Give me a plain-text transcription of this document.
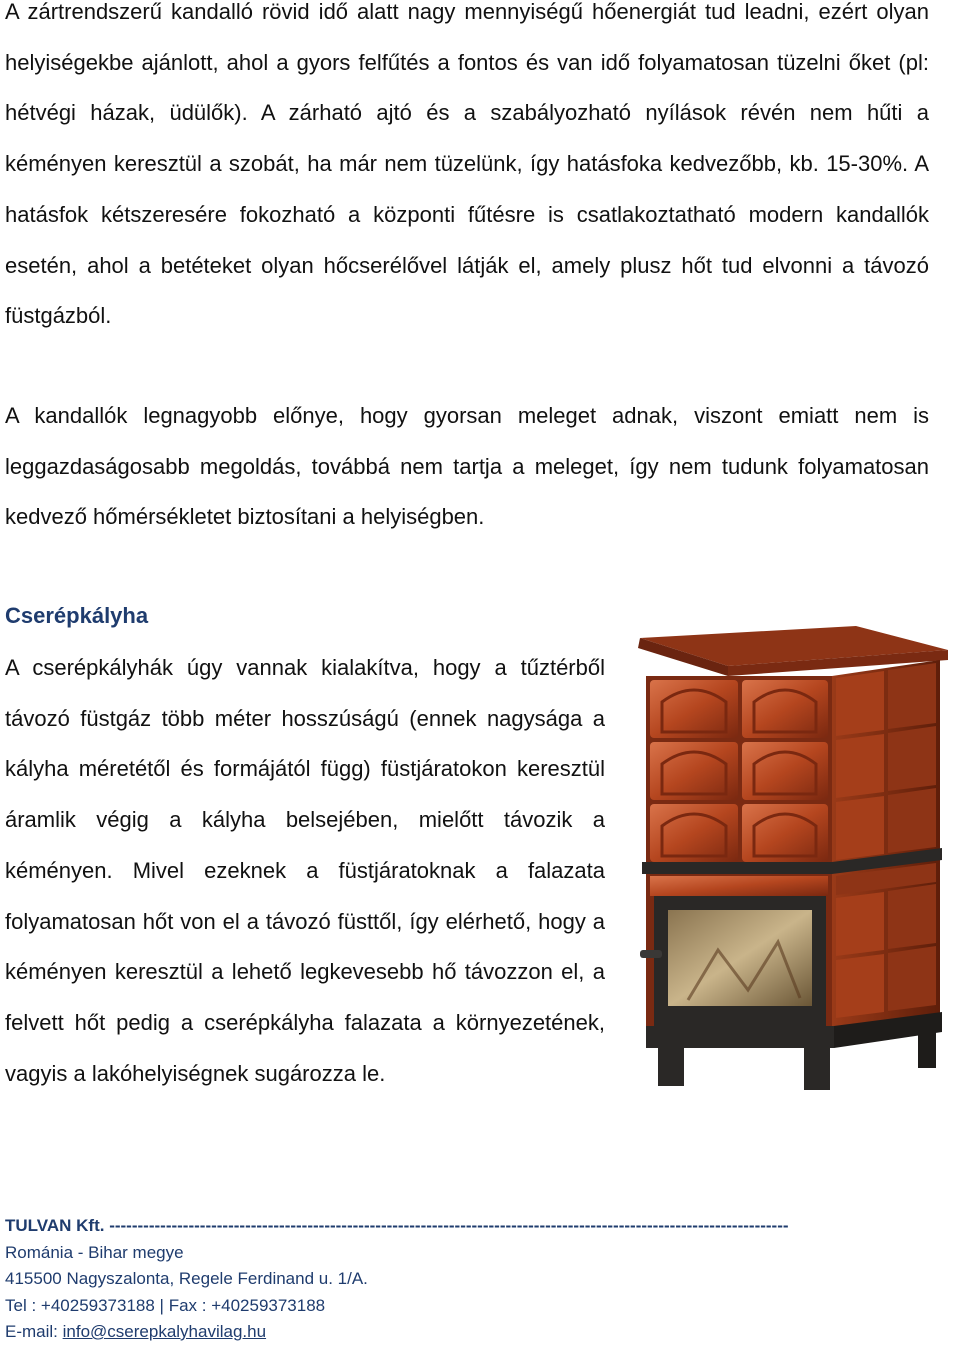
A zártrendszerű kandalló rövid idő alatt nagy mennyiségű hőenergiát tud leadni, ezért olyan helyiségekbe ajánlott, ahol a gyors felfűtés a fontos és van idő folyamatosan tüzelni őket (pl: hétvégi házak, üdülők). A zárható ajtó és a szabályozható nyílások révén nem hűti a kéményen keresztül a szobát, ha már nem tüzelünk, így hatásfoka kedvezőbb, kb. 15-30%. A hatásfok kétszeresére fokozható a központi fűtésre is csatlakoztatható modern kandallók esetén, ahol a betéteket olyan hőcserélővel látják el, amely plusz hőt tud elvonni a távozó füstgázból.

A kandallók legnagyobb előnye, hogy gyorsan meleget adnak, viszont emiatt nem is leggazdaságosabb megoldás, továbbá nem tartja a meleget, így nem tudunk folyamatosan kedvező hőmérsékletet biztosítani a helyiségben.

Cserépkályha

A cserépkályhák úgy vannak kialakítva, hogy a tűztérből távozó füstgáz több méter hosszúságú (ennek nagysága a kályha méretétől és formájától függ) füstjáratokon keresztül áramlik végig a kályha belsejében, mielőtt távozik a kéményen. Mivel ezeknek a füstjáratoknak a falazata folyamatosan hőt von el a távozó füsttől, így elérhető, hogy a kéményen keresztül a lehető legkevesebb hő távozzon el, a felvett hőt pedig a cserépkályha falazata a környezetének, vagyis a lakóhelyiségnek sugározza le.

TULVAN Kft. ------------------------------------------------------------------------------------------------------------------------
Románia - Bihar megye
415500 Nagyszalonta, Regele Ferdinand u. 1/A.
Tel : +40259373188 | Fax : +40259373188
E-mail: info@cserepkalyhavilag.hu
